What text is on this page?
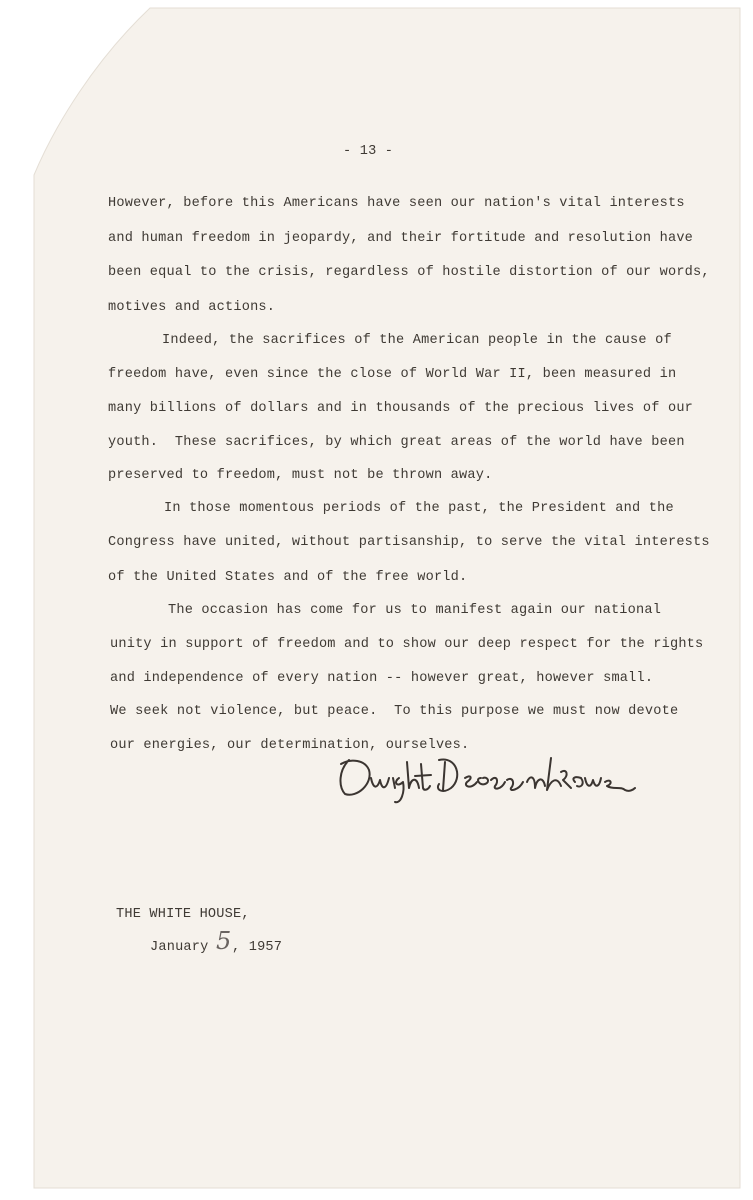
- 13 -
However, before this Americans have seen our nation's vital interests
and human freedom in jeopardy, and their fortitude and resolution have
been equal to the crisis, regardless of hostile distortion of our words,
motives and actions.
Indeed, the sacrifices of the American people in the cause of
freedom have, even since the close of World War II, been measured in
many billions of dollars and in thousands of the precious lives of our
youth.  These sacrifices, by which great areas of the world have been
preserved to freedom, must not be thrown away.
In those momentous periods of the past, the President and the
Congress have united, without partisanship, to serve the vital interests
of the United States and of the free world.
The occasion has come for us to manifest again our national
unity in support of freedom and to show our deep respect for the rights
and independence of every nation -- however great, however small.
We seek not violence, but peace.  To this purpose we must now devote
our energies, our determination, ourselves.
THE WHITE HOUSE,
January 5 , 1957
